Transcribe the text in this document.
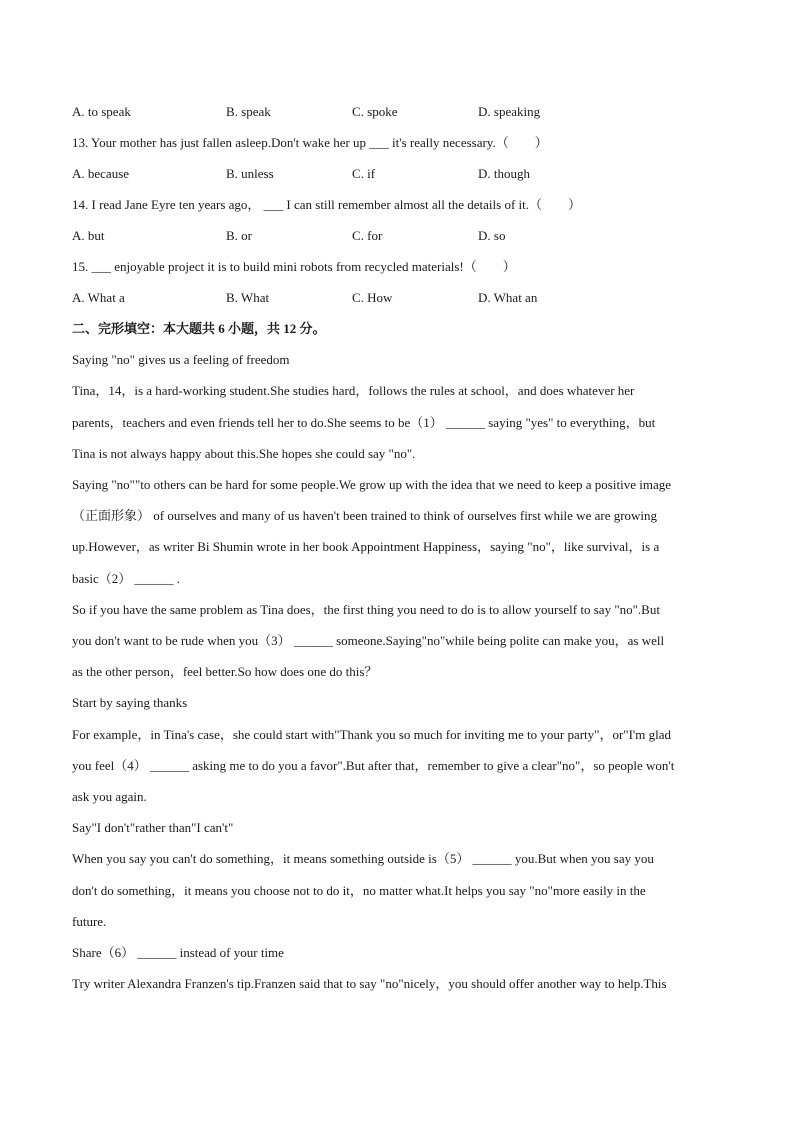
A. to speak	B. speak	C. spoke	D. speaking
13. Your mother has just fallen asleep.Don't wake her up ___ it's really necessary.（　　）
A. because	B. unless	C. if	D. though
14. I read Jane Eyre ten years ago， ___ I can still remember almost all the details of it.（　　）
A. but	B. or	C. for	D. so
15. ___ enjoyable project it is to build mini robots from recycled materials!（　　）
A. What a	B. What	C. How	D. What an
二、完形填空：本大题共 6 小题，共 12 分。
Saying "no" gives us a feeling of freedom
Tina，14，is a hard-working student.She studies hard，follows the rules at school，and does whatever her
parents，teachers and even friends tell her to do.She seems to be（1） ______ saying "yes" to everything，but
Tina is not always happy about this.She hopes she could say "no".
Saying "no""to others can be hard for some people.We grow up with the idea that we need to keep a positive image
（正面形象） of ourselves and many of us haven't been trained to think of ourselves first while we are growing
up.However，as writer Bi Shumin wrote in her book Appointment Happiness，saying "no"，like survival，is a
basic（2） ______ .
So if you have the same problem as Tina does，the first thing you need to do is to allow yourself to say "no".But
you don't want to be rude when you（3） ______ someone.Saying"no"while being polite can make you，as well
as the other person，feel better.So how does one do this？
Start by saying thanks
For example，in Tina's case，she could start with"Thank you so much for inviting me to your party"，or"I'm glad
you feel（4） ______ asking me to do you a favor".But after that，remember to give a clear"no"，so people won't
ask you again.
Say"I don't"rather than"I can't"
When you say you can't do something，it means something outside is（5） ______ you.But when you say you
don't do something，it means you choose not to do it，no matter what.It helps you say "no"more easily in the
future.
Share（6） ______ instead of your time
Try writer Alexandra Franzen's tip.Franzen said that to say "no"nicely，you should offer another way to help.This
